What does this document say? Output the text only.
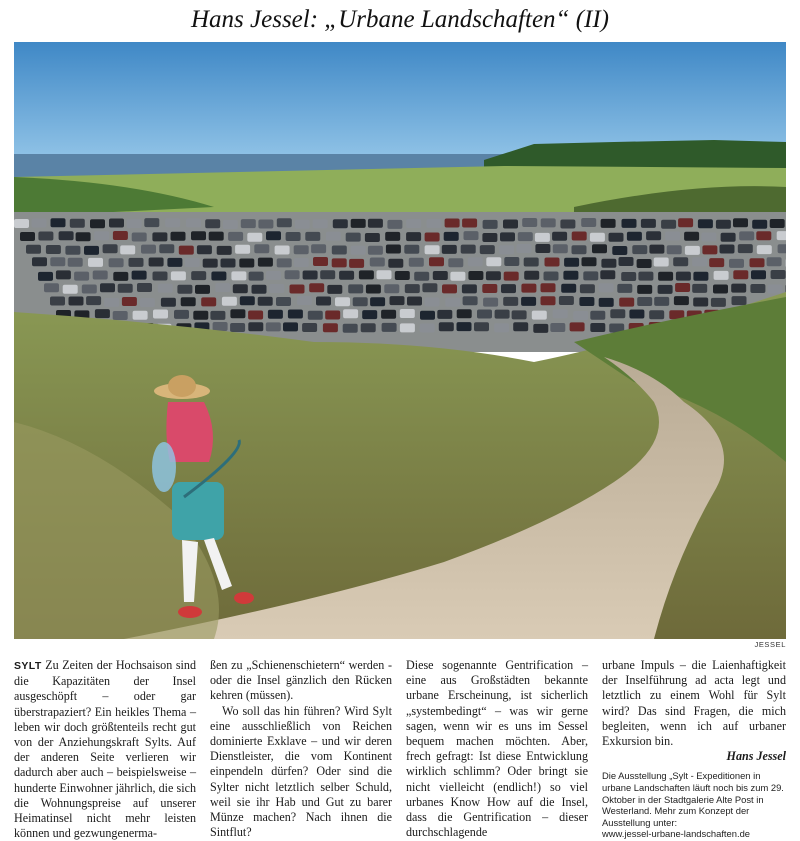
Hans Jessel: „Urbane Landschaften“ (II)
JESSEL

SYLT Zu Zeiten der Hochsaison sind die Kapazitäten der Insel ausgeschöpft – oder gar überstrapaziert? Ein heikles Thema – leben wir doch größtenteils recht gut von der Anziehungskraft Sylts. Auf der anderen Seite verlieren wir dadurch aber auch – beispielsweise – hunderte Einwohner jährlich, die sich die Wohnungspreise auf unserer Heimatinsel nicht mehr leisten können und gezwungenerma-

ßen zu „Schienenschietern“ werden - oder die Insel gänzlich den Rücken kehren (müssen).

Wo soll das hin führen? Wird Sylt eine ausschließlich von Reichen dominierte Exklave – und wir deren Dienstleister, die vom Kontinent einpendeln dürfen? Oder sind die Sylter nicht letztlich selber Schuld, weil sie ihr Hab und Gut zu barer Münze machen? Nach ihnen die Sintflut?

Diese sogenannte Gentrification – eine aus Großstädten bekannte urbane Erscheinung, ist sicherlich „systembedingt“ – was wir gerne sagen, wenn wir es uns im Sessel bequem machen möchten. Aber, frech gefragt: Ist diese Entwicklung wirklich schlimm? Oder bringt sie nicht vielleicht (endlich!) so viel urbanes Know How auf die Insel, dass die Gentrification – dieser durchschlagende

urbane Impuls – die Laienhaftigkeit der Inselführung ad acta legt und letztlich zu einem Wohl für Sylt wird? Das sind Fragen, die mich begleiten, wenn ich auf urbaner Exkursion bin.

Hans Jessel

Die Ausstellung „Sylt - Expeditionen in urbane Landschaften läuft noch bis zum 29. Oktober in der Stadtgalerie Alte Post in Westerland. Mehr zum Konzept der Ausstellung unter:
www.jessel-urbane-landschaften.de
